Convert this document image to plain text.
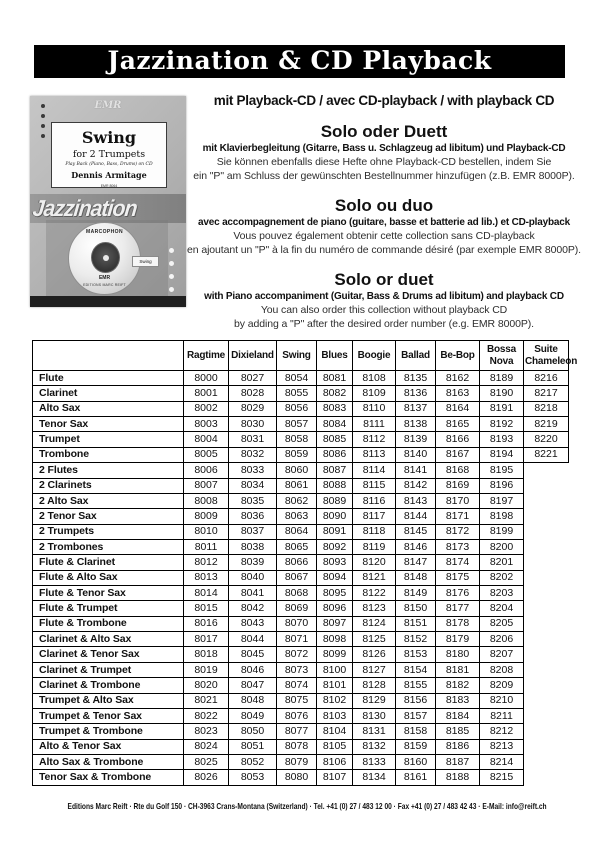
Jazzination & CD Playback
EMR
Swing
for 2 Trumpets
Play Back (Piano, Bass, Drums) on CD
Dennis Armitage
EMR 8064
Jazzination
MARCOPHON
EMR
EDITIONS MARC REIFT
Swing
mit Playback-CD / avec CD-playback / with playback CD
Solo oder Duett
mit Klavierbegleitung (Gitarre, Bass u. Schlagzeug ad libitum) und Playback-CD
Sie können ebenfalls diese Hefte ohne Playback-CD bestellen, indem Sie
ein "P" am Schluss der gewünschten Bestellnummer hinzufügen (z.B. EMR 8000P).
Solo ou duo
avec accompagnement de piano (guitare, basse et batterie ad lib.) et CD-playback
Vous pouvez également obtenir cette collection sans CD-playback
en ajoutant un "P" à la fin du numéro de commande désiré (par exemple EMR 8000P).
Solo or duet
with Piano accompaniment (Guitar, Bass & Drums ad libitum) and playback CD
You can also order this collection without playback CD
by adding a "P" after the desired order number (e.g. EMR 8000P).
	Ragtime	Dixieland	Swing	Blues	Boogie	Ballad	Be-Bop	Bossa Nova	Suite Chameleon
Flute	8000	8027	8054	8081	8108	8135	8162	8189	8216
Clarinet	8001	8028	8055	8082	8109	8136	8163	8190	8217
Alto Sax	8002	8029	8056	8083	8110	8137	8164	8191	8218
Tenor Sax	8003	8030	8057	8084	8111	8138	8165	8192	8219
Trumpet	8004	8031	8058	8085	8112	8139	8166	8193	8220
Trombone	8005	8032	8059	8086	8113	8140	8167	8194	8221
2 Flutes	8006	8033	8060	8087	8114	8141	8168	8195	
2 Clarinets	8007	8034	8061	8088	8115	8142	8169	8196	
2 Alto Sax	8008	8035	8062	8089	8116	8143	8170	8197	
2 Tenor Sax	8009	8036	8063	8090	8117	8144	8171	8198	
2 Trumpets	8010	8037	8064	8091	8118	8145	8172	8199	
2 Trombones	8011	8038	8065	8092	8119	8146	8173	8200	
Flute & Clarinet	8012	8039	8066	8093	8120	8147	8174	8201	
Flute & Alto Sax	8013	8040	8067	8094	8121	8148	8175	8202	
Flute & Tenor Sax	8014	8041	8068	8095	8122	8149	8176	8203	
Flute & Trumpet	8015	8042	8069	8096	8123	8150	8177	8204	
Flute & Trombone	8016	8043	8070	8097	8124	8151	8178	8205	
Clarinet & Alto Sax	8017	8044	8071	8098	8125	8152	8179	8206	
Clarinet & Tenor Sax	8018	8045	8072	8099	8126	8153	8180	8207	
Clarinet & Trumpet	8019	8046	8073	8100	8127	8154	8181	8208	
Clarinet & Trombone	8020	8047	8074	8101	8128	8155	8182	8209	
Trumpet & Alto Sax	8021	8048	8075	8102	8129	8156	8183	8210	
Trumpet & Tenor Sax	8022	8049	8076	8103	8130	8157	8184	8211	
Trumpet & Trombone	8023	8050	8077	8104	8131	8158	8185	8212	
Alto & Tenor Sax	8024	8051	8078	8105	8132	8159	8186	8213	
Alto Sax & Trombone	8025	8052	8079	8106	8133	8160	8187	8214	
Tenor Sax & Trombone	8026	8053	8080	8107	8134	8161	8188	8215	
Editions Marc Reift · Rte du Golf 150 · CH-3963 Crans-Montana (Switzerland) · Tel. +41 (0) 27 / 483 12 00 · Fax +41 (0) 27 / 483 42 43 · E-Mail: info@reift.ch
